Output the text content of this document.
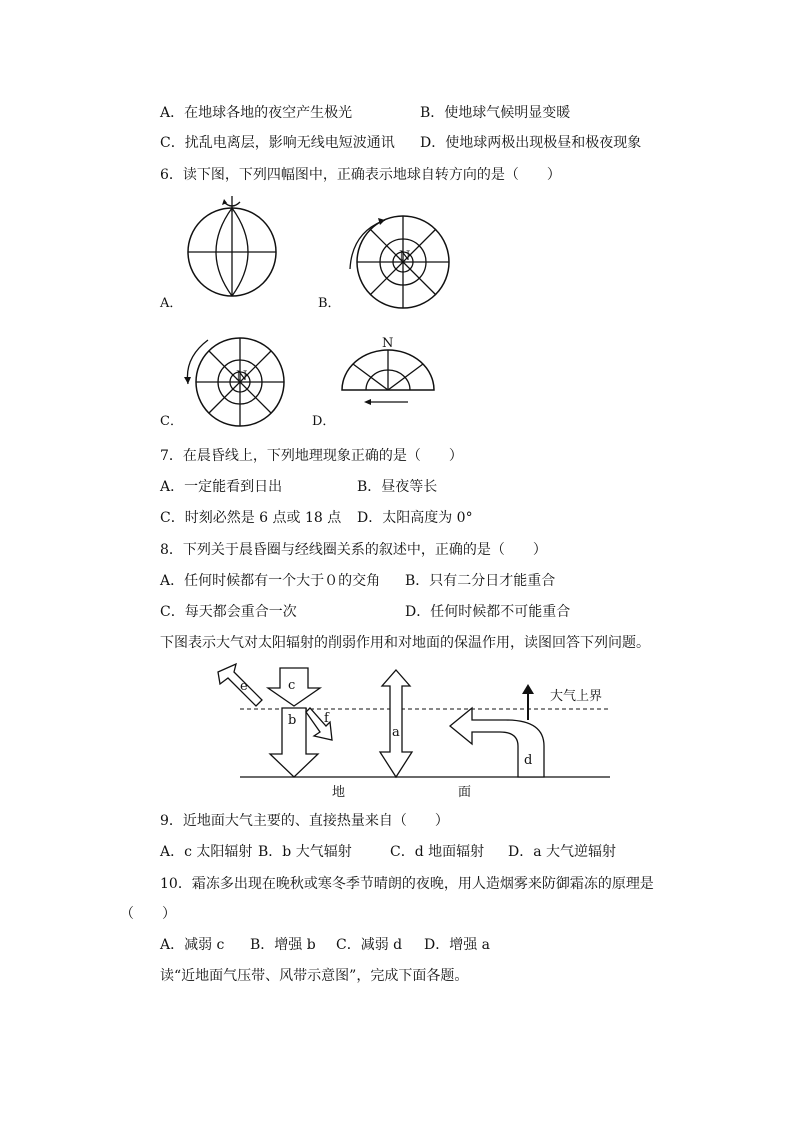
A．在地球各地的夜空产生极光	B．使地球气候明显变暖
C．扰乱电离层，影响无线电短波通讯 D．使地球两极出现极昼和极夜现象
6．读下图，下列四幅图中，正确表示地球自转方向的是（　　）
A．
N
B．
N
C．
N
D．
7．在晨昏线上，下列地理现象正确的是（　　）
A．一定能看到日出	B．昼夜等长
C．时刻必然是 6 点或 18 点 D．太阳高度为 0°
8．下列关于晨昏圈与经线圈关系的叙述中，正确的是（　　）
A．任何时候都有一个大于０的交角 B．只有二分日才能重合
C．每天都会重合一次	D．任何时候都不可能重合
下图表示大气对太阳辐射的削弱作用和对地面的保温作用，读图回答下列问题。
c
e
b f
a
d
大气上界
地	面
9．近地面大气主要的、直接热量来自（　　）
A．c 太阳辐射 B．b 大气辐射	C．d 地面辐射 D．a 大气逆辐射
10．霜冻多出现在晚秋或寒冬季节晴朗的夜晚，用人造烟雾来防御霜冻的原理是
（　　）
A．减弱 c B．增强 b C．减弱 d D．增强 a
读“近地面气压带、风带示意图”，完成下面各题。
